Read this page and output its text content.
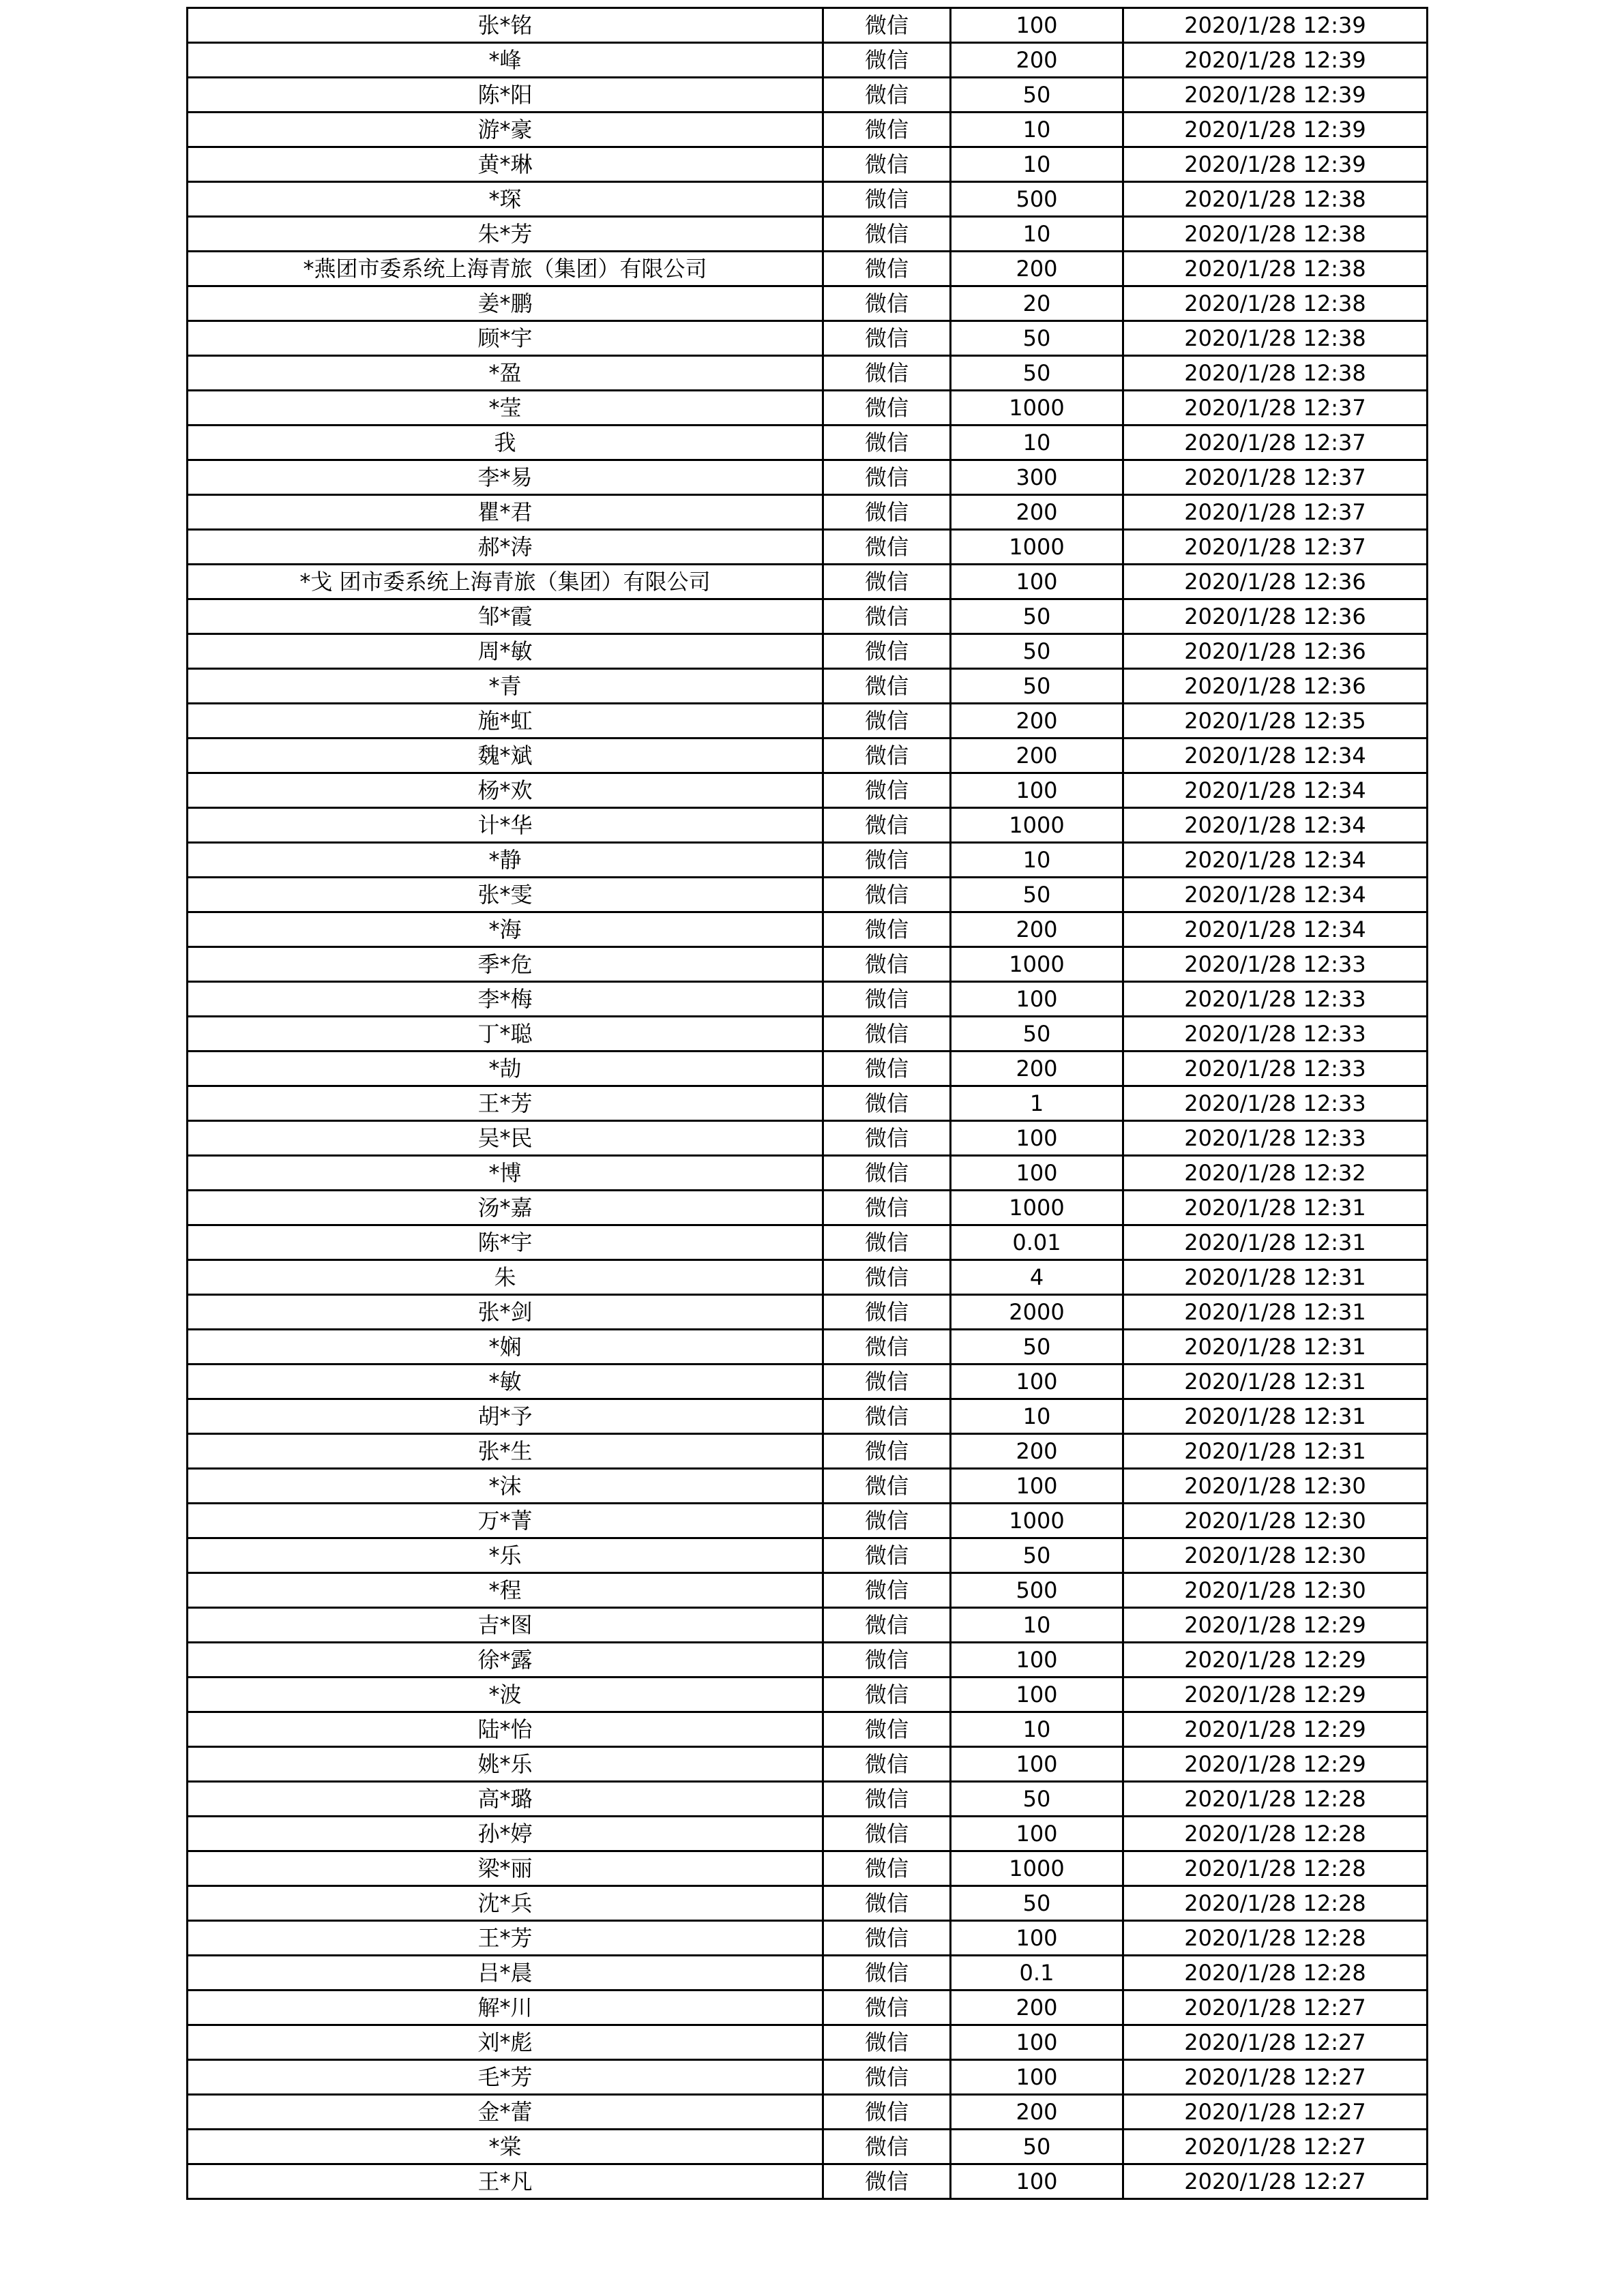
张*铭	微信	100	2020/1/28 12:39
*峰	微信	200	2020/1/28 12:39
陈*阳	微信	50	2020/1/28 12:39
游*豪	微信	10	2020/1/28 12:39
黄*琳	微信	10	2020/1/28 12:39
*琛	微信	500	2020/1/28 12:38
朱*芳	微信	10	2020/1/28 12:38
*燕团市委系统上海青旅（集团）有限公司	微信	200	2020/1/28 12:38
姜*鹏	微信	20	2020/1/28 12:38
顾*宇	微信	50	2020/1/28 12:38
*盈	微信	50	2020/1/28 12:38
*莹	微信	1000	2020/1/28 12:37
我	微信	10	2020/1/28 12:37
李*易	微信	300	2020/1/28 12:37
瞿*君	微信	200	2020/1/28 12:37
郝*涛	微信	1000	2020/1/28 12:37
*戈 团市委系统上海青旅（集团）有限公司	微信	100	2020/1/28 12:36
邹*霞	微信	50	2020/1/28 12:36
周*敏	微信	50	2020/1/28 12:36
*青	微信	50	2020/1/28 12:36
施*虹	微信	200	2020/1/28 12:35
魏*斌	微信	200	2020/1/28 12:34
杨*欢	微信	100	2020/1/28 12:34
计*华	微信	1000	2020/1/28 12:34
*静	微信	10	2020/1/28 12:34
张*雯	微信	50	2020/1/28 12:34
*海	微信	200	2020/1/28 12:34
季*危	微信	1000	2020/1/28 12:33
李*梅	微信	100	2020/1/28 12:33
丁*聪	微信	50	2020/1/28 12:33
*劼	微信	200	2020/1/28 12:33
王*芳	微信	1	2020/1/28 12:33
吴*民	微信	100	2020/1/28 12:33
*博	微信	100	2020/1/28 12:32
汤*嘉	微信	1000	2020/1/28 12:31
陈*宇	微信	0.01	2020/1/28 12:31
朱	微信	4	2020/1/28 12:31
张*剑	微信	2000	2020/1/28 12:31
*娴	微信	50	2020/1/28 12:31
*敏	微信	100	2020/1/28 12:31
胡*予	微信	10	2020/1/28 12:31
张*生	微信	200	2020/1/28 12:31
*沫	微信	100	2020/1/28 12:30
万*菁	微信	1000	2020/1/28 12:30
*乐	微信	50	2020/1/28 12:30
*程	微信	500	2020/1/28 12:30
吉*图	微信	10	2020/1/28 12:29
徐*露	微信	100	2020/1/28 12:29
*波	微信	100	2020/1/28 12:29
陆*怡	微信	10	2020/1/28 12:29
姚*乐	微信	100	2020/1/28 12:29
高*璐	微信	50	2020/1/28 12:28
孙*婷	微信	100	2020/1/28 12:28
梁*丽	微信	1000	2020/1/28 12:28
沈*兵	微信	50	2020/1/28 12:28
王*芳	微信	100	2020/1/28 12:28
吕*晨	微信	0.1	2020/1/28 12:28
解*川	微信	200	2020/1/28 12:27
刘*彪	微信	100	2020/1/28 12:27
毛*芳	微信	100	2020/1/28 12:27
金*蕾	微信	200	2020/1/28 12:27
*棠	微信	50	2020/1/28 12:27
王*凡	微信	100	2020/1/28 12:27
